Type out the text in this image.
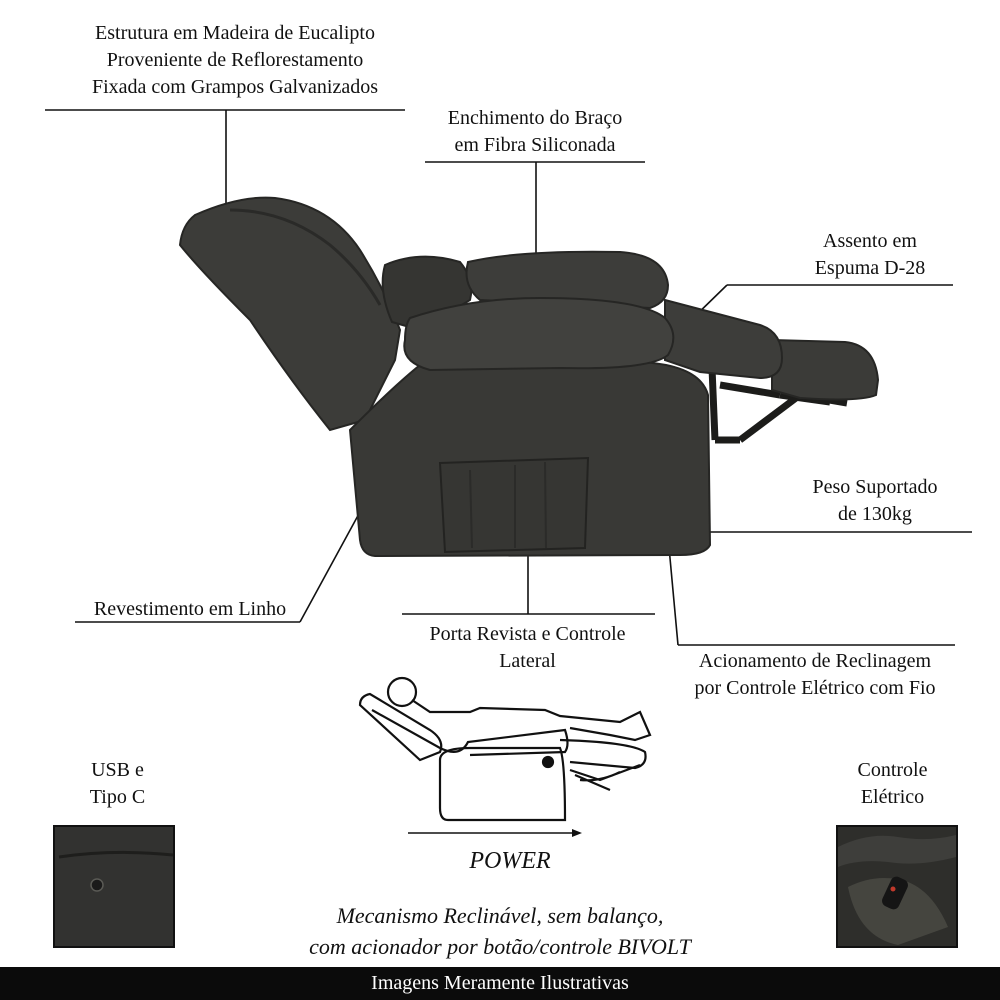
Estrutura em Madeira de Eucalipto
Proveniente de Reflorestamento
Fixada com Grampos Galvanizados
Enchimento do Braço
em Fibra Siliconada
Assento em
Espuma D-28
Peso Suportado
de 130kg
Revestimento em Linho
Porta Revista e Controle
Lateral	Acionamento de Reclinagem
por Controle Elétrico com Fio
USB e
Tipo C
Controle
Elétrico
POWER
Mecanismo Reclinável, sem balanço,
com acionador por botão/controle BIVOLT
Imagens Meramente Ilustrativas
